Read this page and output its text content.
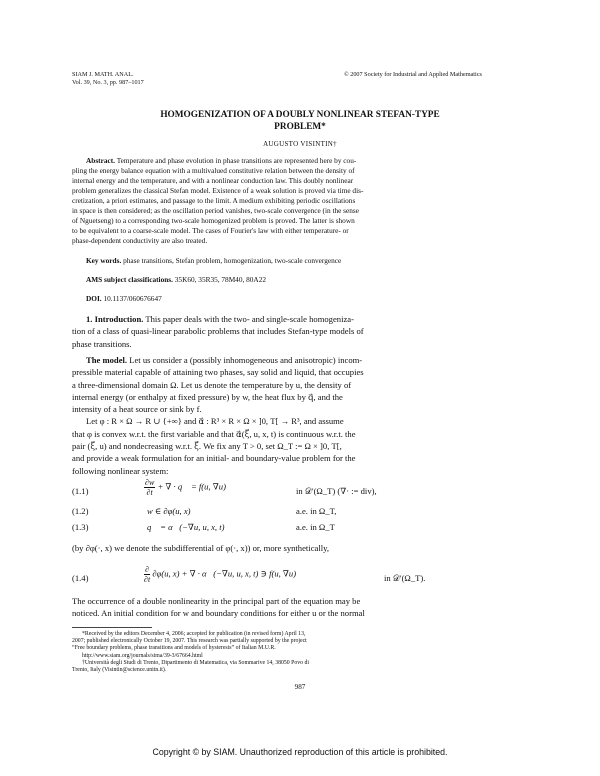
SIAM J. MATH. ANAL.
Vol. 39, No. 3, pp. 987–1017
© 2007 Society for Industrial and Applied Mathematics
HOMOGENIZATION OF A DOUBLY NONLINEAR STEFAN-TYPE
PROBLEM*
AUGUSTO VISINTIN†
Abstract. Temperature and phase evolution in phase transitions are represented here by cou-
pling the energy balance equation with a multivalued constitutive relation between the density of
internal energy and the temperature, and with a nonlinear conduction law. This doubly nonlinear
problem generalizes the classical Stefan model. Existence of a weak solution is proved via time dis-
cretization, a priori estimates, and passage to the limit. A medium exhibiting periodic oscillations
in space is then considered; as the oscillation period vanishes, two-scale convergence (in the sense
of Nguetseng) to a corresponding two-scale homogenized problem is proved. The latter is shown
to be equivalent to a coarse-scale model. The cases of Fourier's law with either temperature- or
phase-dependent conductivity are also treated.
Key words. phase transitions, Stefan problem, homogenization, two-scale convergence
AMS subject classifications. 35K60, 35R35, 78M40, 80A22
DOI. 10.1137/060676647
1. Introduction. This paper deals with the two- and single-scale homogeniza-
tion of a class of quasi-linear parabolic problems that includes Stefan-type models of
phase transitions.
The model. Let us consider a (possibly inhomogeneous and anisotropic) incom-
pressible material capable of attaining two phases, say solid and liquid, that occupies
a three-dimensional domain Ω. Let us denote the temperature by u, the density of
internal energy (or enthalpy at fixed pressure) by w, the heat flux by q⃗, and the
intensity of a heat source or sink by f.
Let φ : R × Ω → R ∪ {+∞} and α⃗ : R³ × R × Ω × ]0, T[ → R³, and assume
that φ is convex w.r.t. the first variable and that α⃗(ξ⃗, u, x, t) is continuous w.r.t. the
pair (ξ⃗, u) and nondecreasing w.r.t. ξ⃗. We fix any T > 0, set Ω_T := Ω × ]0, T[,
and provide a weak formulation for an initial- and boundary-value problem for the
following nonlinear system:
(1.1)	$\frac{\partial w}{\partial t}$ + ∇ · q⃗ = f(u, ∇u)	in 𝒟′(Ω_T) (∇· := div),
(1.2)	w ∈ ∂φ(u, x)	a.e. in Ω_T,
(1.3)	q⃗ = α⃗(−∇u, u, x, t)	a.e. in Ω_T
(by ∂φ(·, x) we denote the subdifferential of φ(·, x)) or, more synthetically,
(1.4)	$\frac{\partial}{\partial t} \partial\varphi(u$, x) + ∇ · α⃗(−∇u, u, x, t) ∋ f(u, ∇u)	in 𝒟′(Ω_T).
The occurrence of a double nonlinearity in the principal part of the equation may be
noticed. An initial condition for w and boundary conditions for either u or the normal
*Received by the editors December 4, 2006; accepted for publication (in revised form) April 13,
2007; published electronically October 19, 2007. This research was partially supported by the project
“Free boundary problems, phase transitions and models of hysteresis” of Italian M.U.R.
http://www.siam.org/journals/sima/39-3/67664.html
†Università degli Studi di Trento, Dipartimento di Matematica, via Sommarive 14, 38050 Povo di
Trento, Italy (Visintin@science.unitn.it).
987
Copyright © by SIAM. Unauthorized reproduction of this article is prohibited.
